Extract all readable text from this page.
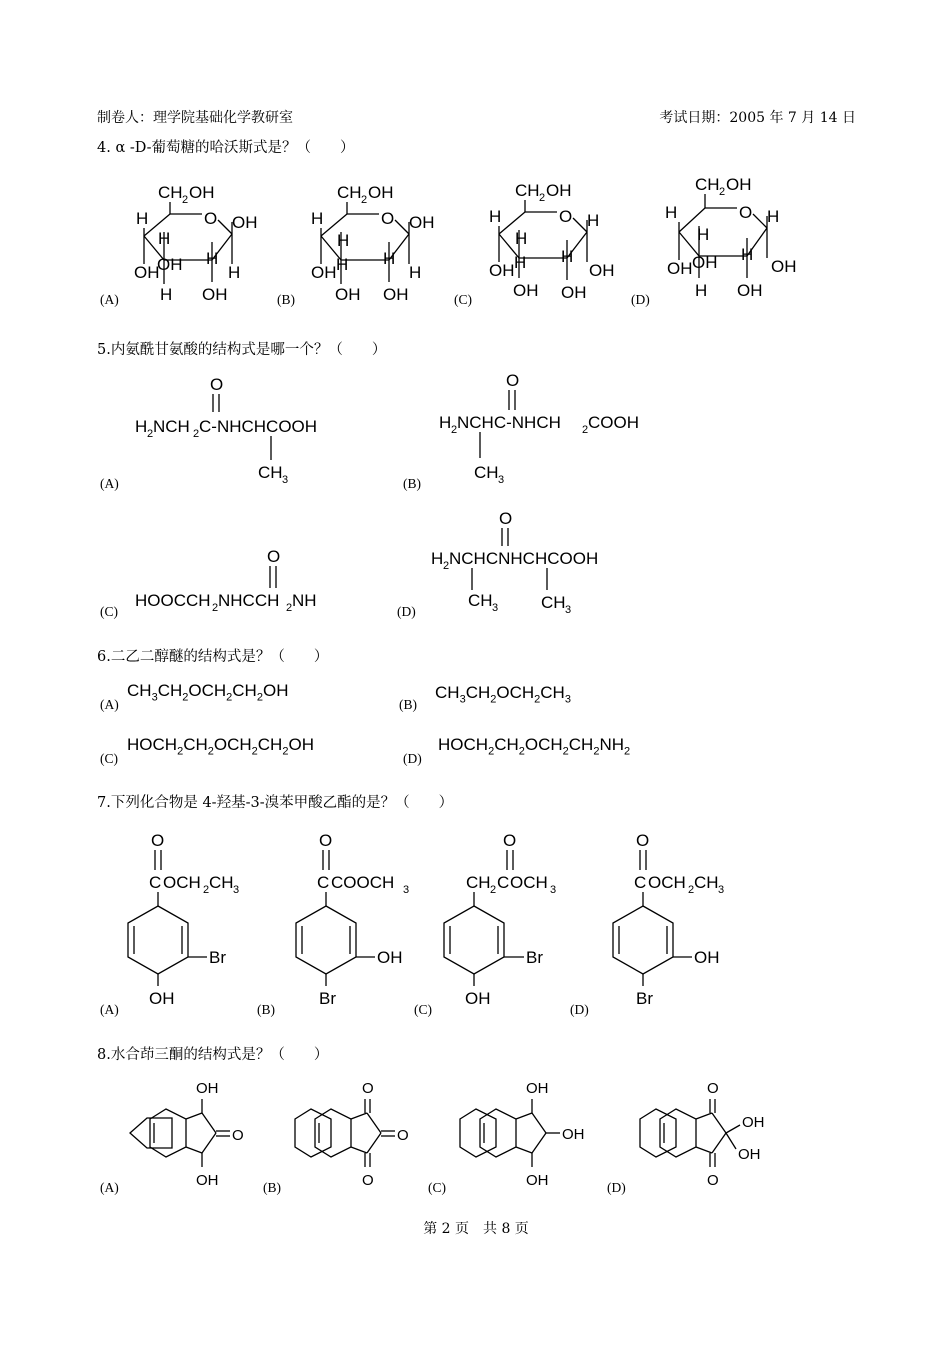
制卷人：理学院基础化学教研室	考试日期：2005 年 7 月 14 日
4. α -D-葡萄糖的哈沃斯式是？（　　）
CH 2 OH
O
H
OH
H
H
OH H
OH
OH
H
CH 2 OH
O
H
OH
H
OH
H H
OH
OH
H
CH 2 OH
O
H
OH
H
OH
H H
OH
H
OH
CH 2 OH
O
H
OH
H
H
OH H
OH
H
OH
(A)	(B)	(C)	(D)
5.内氨酰甘氨酸的结构式是哪一个？（　　）
O
H 2 NCH 2 C-NHCHCOOH
CH 3
O
H 2 NCHC-NHCH 2 COOH
CH 3
O
HOOCCH 2 NHCCH 2 NH
O
H 2 NCHCNHCHCOOH
CH 3	CH 3
(A)	(B)
(C)	(D)
6.二乙二醇醚的结构式是？（　　）
(A)
$CH_3CH_2OCH_2CH_2OH$
(B)
$CH_3CH_2OCH_2CH_3$
(C)
$HOCH_2CH_2OCH_2CH_2OH$
(D)
$HOCH_2CH_2OCH_2CH_2NH_2$
7.下列化合物是 4-羟基-3-溴苯甲酸乙酯的是？（　　）
O
C OCH 2 CH 3
Br
OH
O
C COOCH 3
OH
Br
O
CH 2 C OCH 3
Br
OH
O
C OCH 2 CH 3
OH
Br
(A)	(B)	(C)	(D)
8.水合茚三酮的结构式是？（　　）
O
OH
OH
O
O
O
OH
OH
OH
OH
OH
O
O
(A)	(B)	(C)	(D)
第 2 页　共 8 页
